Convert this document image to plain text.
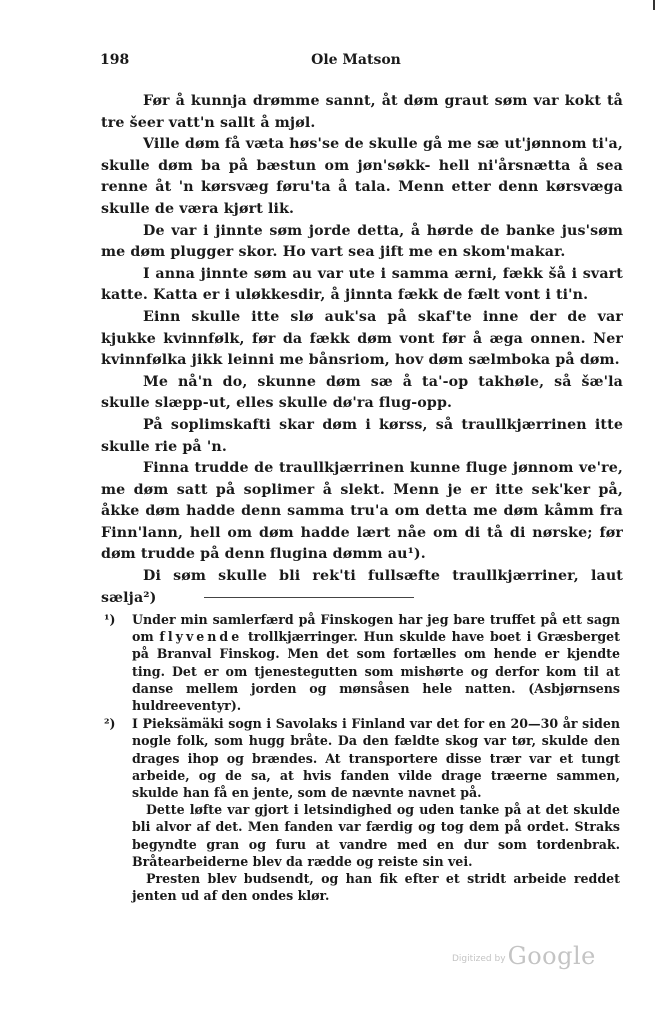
198	Ole Matson

Før å kunnja drømme sannt, åt døm graut søm var kokt tå tre šeer vatt'n sallt å mjøl.

Ville døm få væta høs'se de skulle gå me sæ ut'jønnom ti'a, skulle døm ba på bæstun om jøn'søkk- hell ni'årsnætta å sea renne åt 'n kørsvæg føru'ta å tala. Menn etter denn kørsvæga skulle de væra kjørt lik.

De var i jinnte søm jorde detta, å hørde de banke jus'søm me døm plugger skor. Ho vart sea jift me en skom'makar.

I anna jinnte søm au var ute i samma ærni, fækk šå i svart katte. Katta er i uløkkesdir, å jinnta fækk de fælt vont i ti'n.

Einn skulle itte slø auk'sa på skaf'te inne der de var kjukke kvinnfølk, før da fækk døm vont før å æga onnen. Ner kvinnfølka jikk leinni me bånsriom, hov døm sælmboka på døm.

Me nå'n do, skunne døm sæ å ta'-op takhøle, så šæ'la skulle slæpp-ut, elles skulle dø'ra flug-opp.

På soplimskafti skar døm i kørss, så traullkjærrinen itte skulle rie på 'n.

Finna trudde de traullkjærrinen kunne fluge jønnom ve're, me døm satt på soplimer å slekt. Menn je er itte sek'ker på, åkke døm hadde denn samma tru'a om detta me døm kåmm fra Finn'lann, hell om døm hadde lært nåe om di tå di nørske; før døm trudde på denn fluginа dømm au¹).

Di søm skulle bli rek'ti fullsæfte traullkjærriner, laut sælja²)

¹) Under min samlerfærd på Finskogen har jeg bare truffet på ett sagn om flyvende trollkjærringer. Hun skulde have boet i Græsberget på Branval Finskog. Men det som fortælles om hende er kjendte ting. Det er om tjenestegutten som mishørte og derfor kom til at danse mellem jorden og mønsåsen hele natten. (Asbjørnsens huldreeventyr).

²) I Pieksämäki sogn i Savolaks i Finland var det for en 20—30 år siden nogle folk, som hugg bråte. Da den fældte skog var tør, skulde den drages ihop og brændes. At transportere disse trær var et tungt arbeide, og de sa, at hvis fanden vilde drage træerne sammen, skulde han få en jente, som de nævnte navnet på.

Dette løfte var gjort i letsindighed og uden tanke på at det skulde bli alvor af det. Men fanden var færdig og tog dem på ordet. Straks begyndte gran og furu at vandre med en dur som tordenbrak. Bråtearbeiderne blev da rædde og reiste sin vei.

Presten blev budsendt, og han fik efter et stridt arbeide reddet jenten ud af den ondes klør.

Digitized byGoogle
